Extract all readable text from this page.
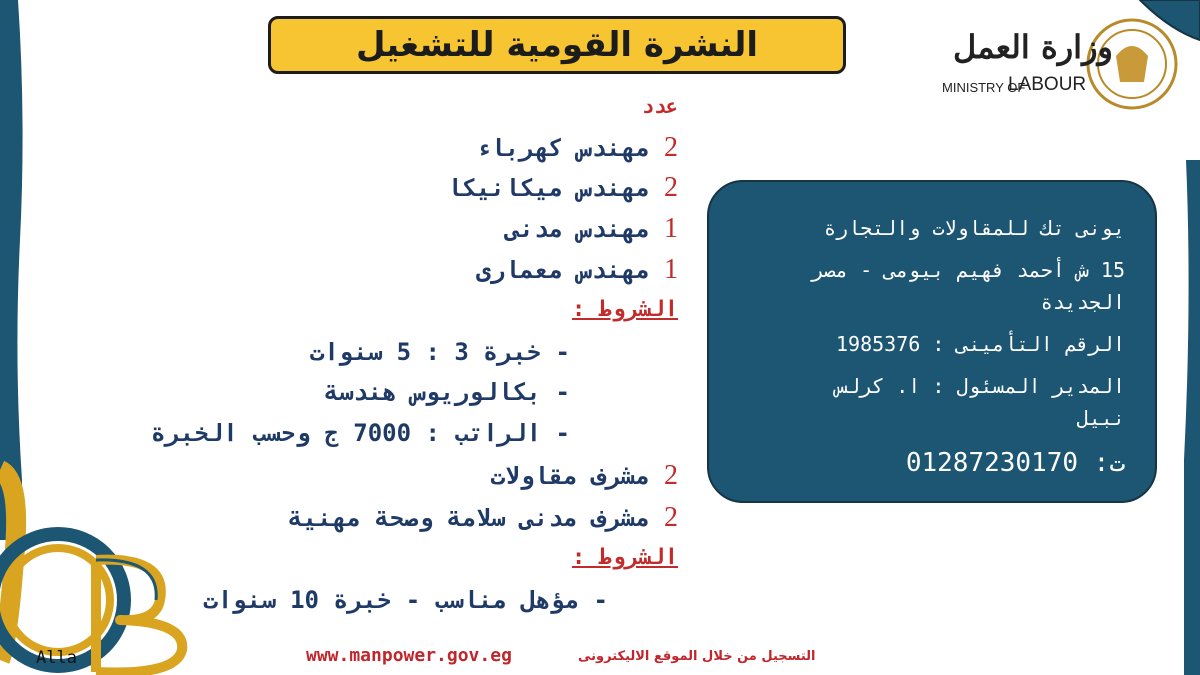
النشرة القومية للتشغيل	وزارة العمل
MINISTRY OF
LABOUR
عدد
2 مهندس كهرباء
2 مهندس ميكانيكا
1 مهندس مدنى
1 مهندس معمارى
الشروط :
- خبرة 3 : 5 سنوات
- بكالوريوس هندسة
- الراتب : 7000 ج وحسب الخبرة
2 مشرف مقاولات
2 مشرف مدنى سلامة وصحة مهنية
الشروط :
- مؤهل مناسب - خبرة 10 سنوات
يونى تك للمقاولات والتجارة
15 ش أحمد فهيم بيومى - مصر
الجديدة
الرقم التأمينى : 1985376
المدير المسئول : ا. كرلس
نبيل
ت: 01287230170
www.manpower.gov.eg	التسجيل من خلال الموقع الاليكترونى
Alla
